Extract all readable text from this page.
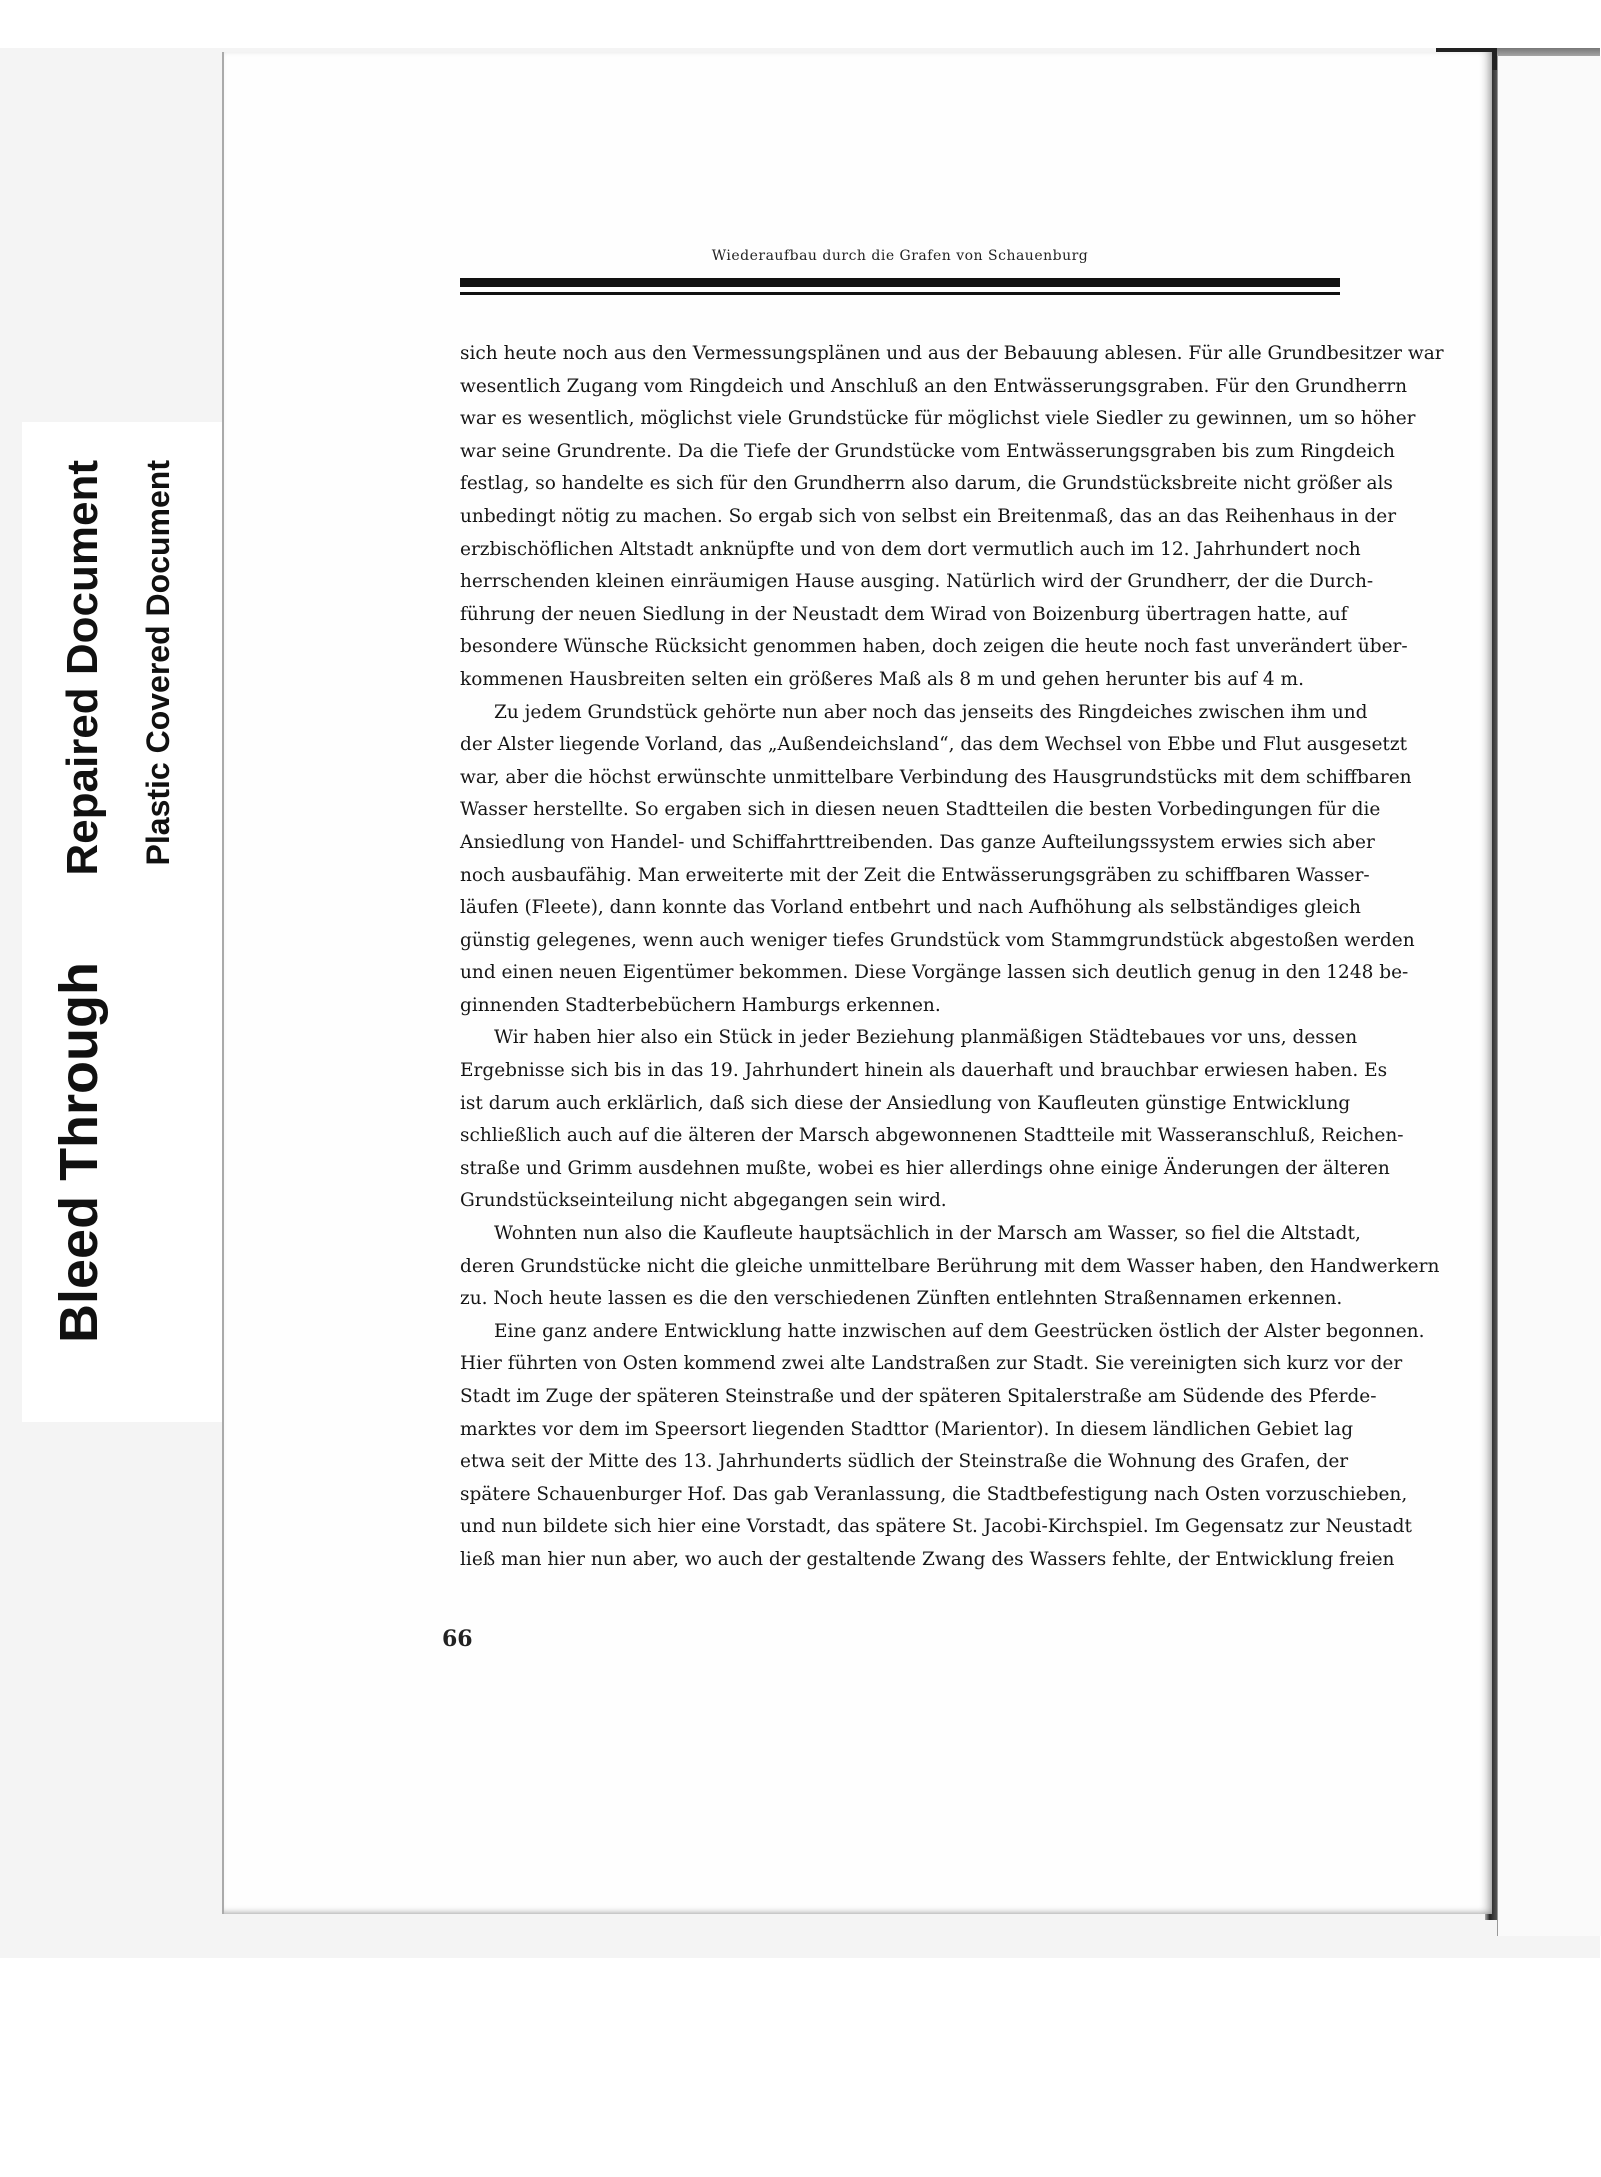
Bleed Through
Repaired Document Plastic Covered Document
Wiederaufbau durch die Grafen von Schauenburg
sich heute noch aus den Vermessungsplänen und aus der Bebauung ablesen. Für alle Grundbesitzer war
wesentlich Zugang vom Ringdeich und Anschluß an den Entwässerungsgraben. Für den Grundherrn
war es wesentlich, möglichst viele Grundstücke für möglichst viele Siedler zu gewinnen, um so höher
war seine Grundrente. Da die Tiefe der Grundstücke vom Entwässerungsgraben bis zum Ringdeich
festlag, so handelte es sich für den Grundherrn also darum, die Grundstücksbreite nicht größer als
unbedingt nötig zu machen. So ergab sich von selbst ein Breitenmaß, das an das Reihenhaus in der
erzbischöflichen Altstadt anknüpfte und von dem dort vermutlich auch im 12. Jahrhundert noch
herrschenden kleinen einräumigen Hause ausging. Natürlich wird der Grundherr, der die Durch-
führung der neuen Siedlung in der Neustadt dem Wirad von Boizenburg übertragen hatte, auf
besondere Wünsche Rücksicht genommen haben, doch zeigen die heute noch fast unverändert über-
kommenen Hausbreiten selten ein größeres Maß als 8 m und gehen herunter bis auf 4 m.
Zu jedem Grundstück gehörte nun aber noch das jenseits des Ringdeiches zwischen ihm und
der Alster liegende Vorland, das „Außendeichsland“, das dem Wechsel von Ebbe und Flut ausgesetzt
war, aber die höchst erwünschte unmittelbare Verbindung des Hausgrundstücks mit dem schiffbaren
Wasser herstellte. So ergaben sich in diesen neuen Stadtteilen die besten Vorbedingungen für die
Ansiedlung von Handel- und Schiffahrttreibenden. Das ganze Aufteilungssystem erwies sich aber
noch ausbaufähig. Man erweiterte mit der Zeit die Entwässerungsgräben zu schiffbaren Wasser-
läufen (Fleete), dann konnte das Vorland entbehrt und nach Aufhöhung als selbständiges gleich
günstig gelegenes, wenn auch weniger tiefes Grundstück vom Stammgrundstück abgestoßen werden
und einen neuen Eigentümer bekommen. Diese Vorgänge lassen sich deutlich genug in den 1248 be-
ginnenden Stadterbebüchern Hamburgs erkennen.
Wir haben hier also ein Stück in jeder Beziehung planmäßigen Städtebaues vor uns, dessen
Ergebnisse sich bis in das 19. Jahrhundert hinein als dauerhaft und brauchbar erwiesen haben. Es
ist darum auch erklärlich, daß sich diese der Ansiedlung von Kaufleuten günstige Entwicklung
schließlich auch auf die älteren der Marsch abgewonnenen Stadtteile mit Wasseranschluß, Reichen-
straße und Grimm ausdehnen mußte, wobei es hier allerdings ohne einige Änderungen der älteren
Grundstückseinteilung nicht abgegangen sein wird.
Wohnten nun also die Kaufleute hauptsächlich in der Marsch am Wasser, so fiel die Altstadt,
deren Grundstücke nicht die gleiche unmittelbare Berührung mit dem Wasser haben, den Handwerkern
zu. Noch heute lassen es die den verschiedenen Zünften entlehnten Straßennamen erkennen.
Eine ganz andere Entwicklung hatte inzwischen auf dem Geestrücken östlich der Alster begonnen.
Hier führten von Osten kommend zwei alte Landstraßen zur Stadt. Sie vereinigten sich kurz vor der
Stadt im Zuge der späteren Steinstraße und der späteren Spitalerstraße am Südende des Pferde-
marktes vor dem im Speersort liegenden Stadttor (Marientor). In diesem ländlichen Gebiet lag
etwa seit der Mitte des 13. Jahrhunderts südlich der Steinstraße die Wohnung des Grafen, der
spätere Schauenburger Hof. Das gab Veranlassung, die Stadtbefestigung nach Osten vorzuschieben,
und nun bildete sich hier eine Vorstadt, das spätere St. Jacobi-Kirchspiel. Im Gegensatz zur Neustadt
ließ man hier nun aber, wo auch der gestaltende Zwang des Wassers fehlte, der Entwicklung freien
66
